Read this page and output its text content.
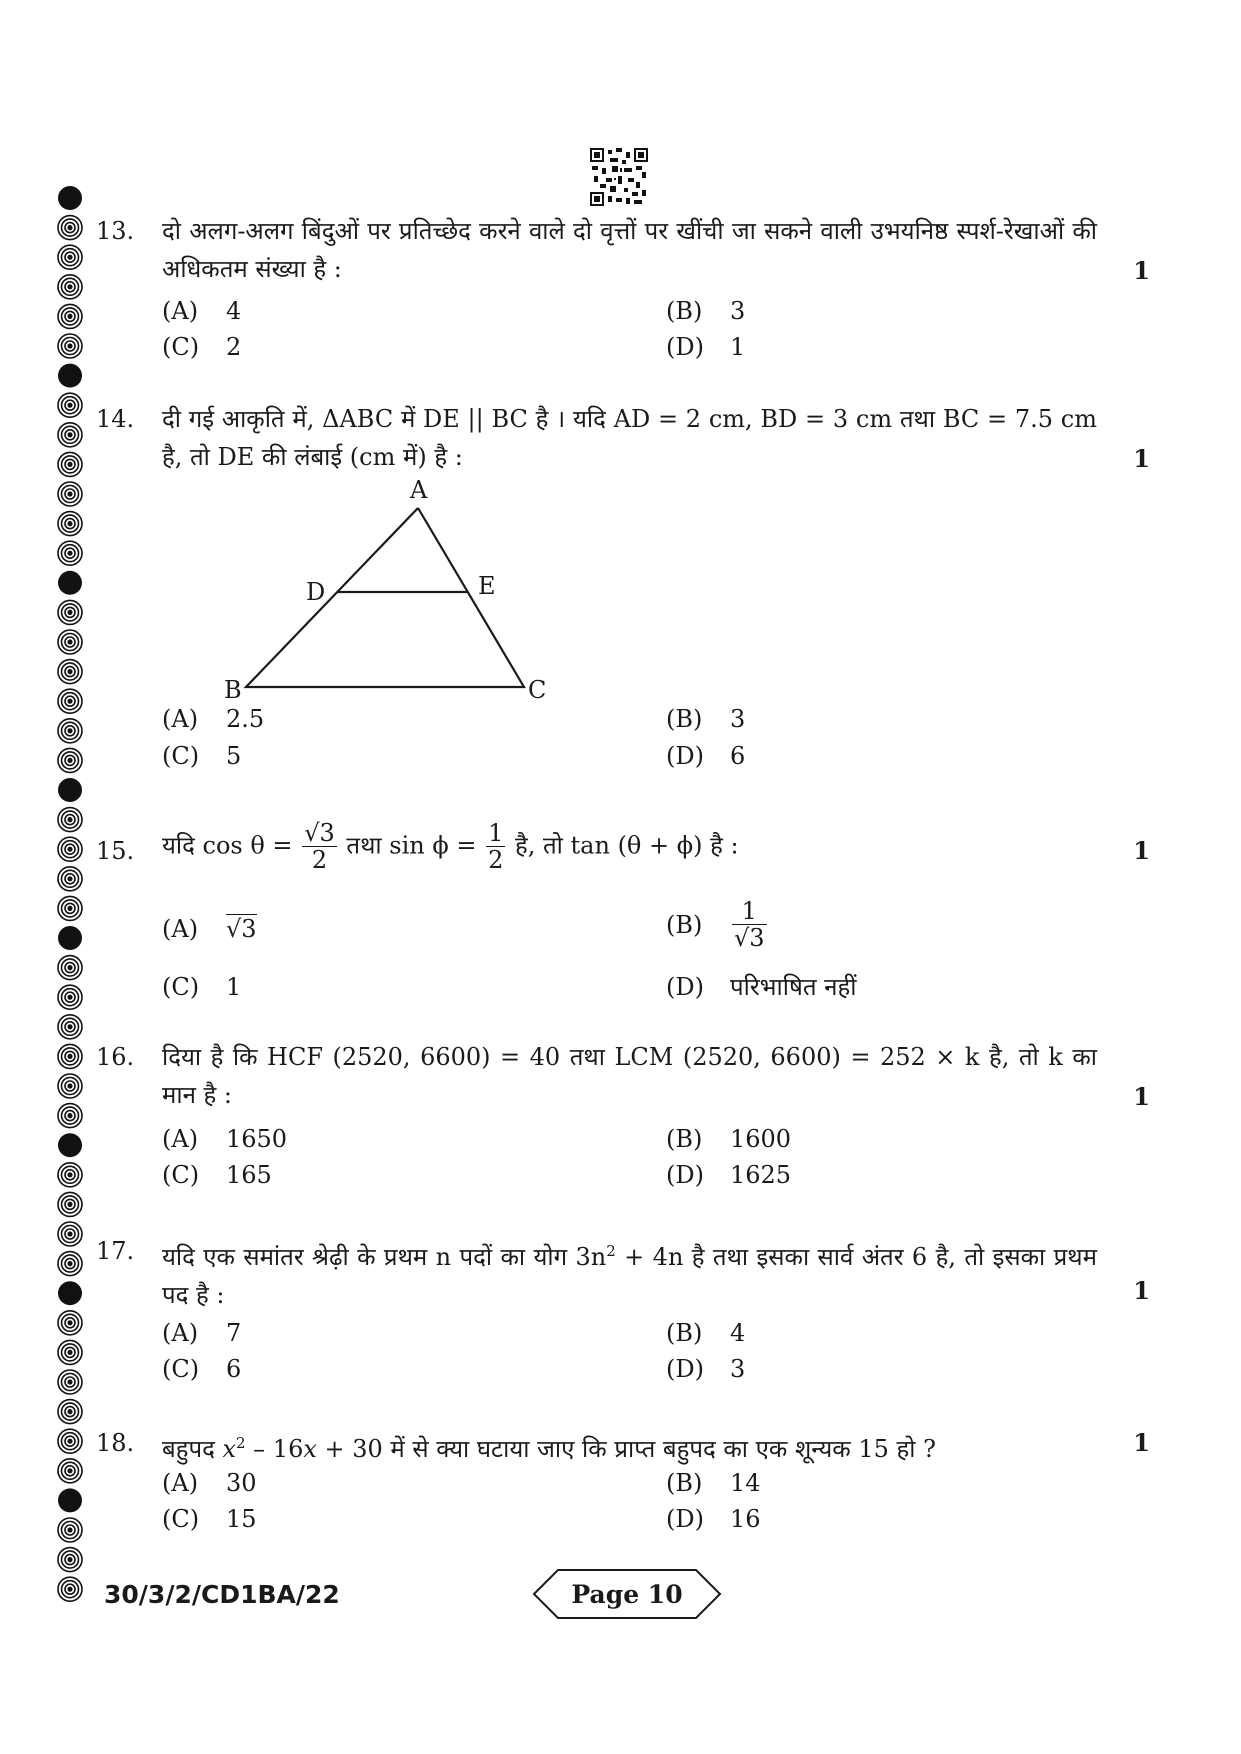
13.	दो अलग-अलग बिंदुओं पर प्रतिच्छेद करने वाले दो वृत्तों पर खींची जा सकने वाली उभयनिष्ठ स्पर्श-रेखाओं की अधिकतम संख्या है :	1
(A) 4	(B) 3
(C) 2	(D) 1
14.	दी गई आकृति में, ΔABC में DE || BC है । यदि AD = 2 cm, BD = 3 cm तथा BC = 7.5 cm है, तो DE की लंबाई (cm में) है :	1
(A) 2.5	(B) 3
(C) 5	(D) 6
A
D	E
B	C
15.	यदि $\cos \theta = \frac{√3}{2}$ तथा $\sin \phi = \frac{1}{2}$ है, तो tan (θ + ϕ) है :	1
(A) √3	$(B) \frac{1}{√3}$
(C) 1	(D) परिभाषित नहीं
16.	दिया है कि HCF (2520, 6600) = 40 तथा LCM (2520, 6600) = 252 × k है, तो k का मान है :	1
(A) 1650	(B) 1600
(C) 165	(D) 1625
17.	यदि एक समांतर श्रेढ़ी के प्रथम n पदों का योग $3n^2 + 4n$ है तथा इसका सार्व अंतर 6 है, तो इसका प्रथम पद है :	1
(A) 7	(B) 4
(C) 6	(D) 3
18.	बहुपद $x^2 - 16x + 30$ में से क्या घटाया जाए कि प्राप्त बहुपद का एक शून्यक 15 हो ?	1
(A) 30	(B) 14
(C) 15	(D) 16
30/3/2/CD1BA/22	Page 10
